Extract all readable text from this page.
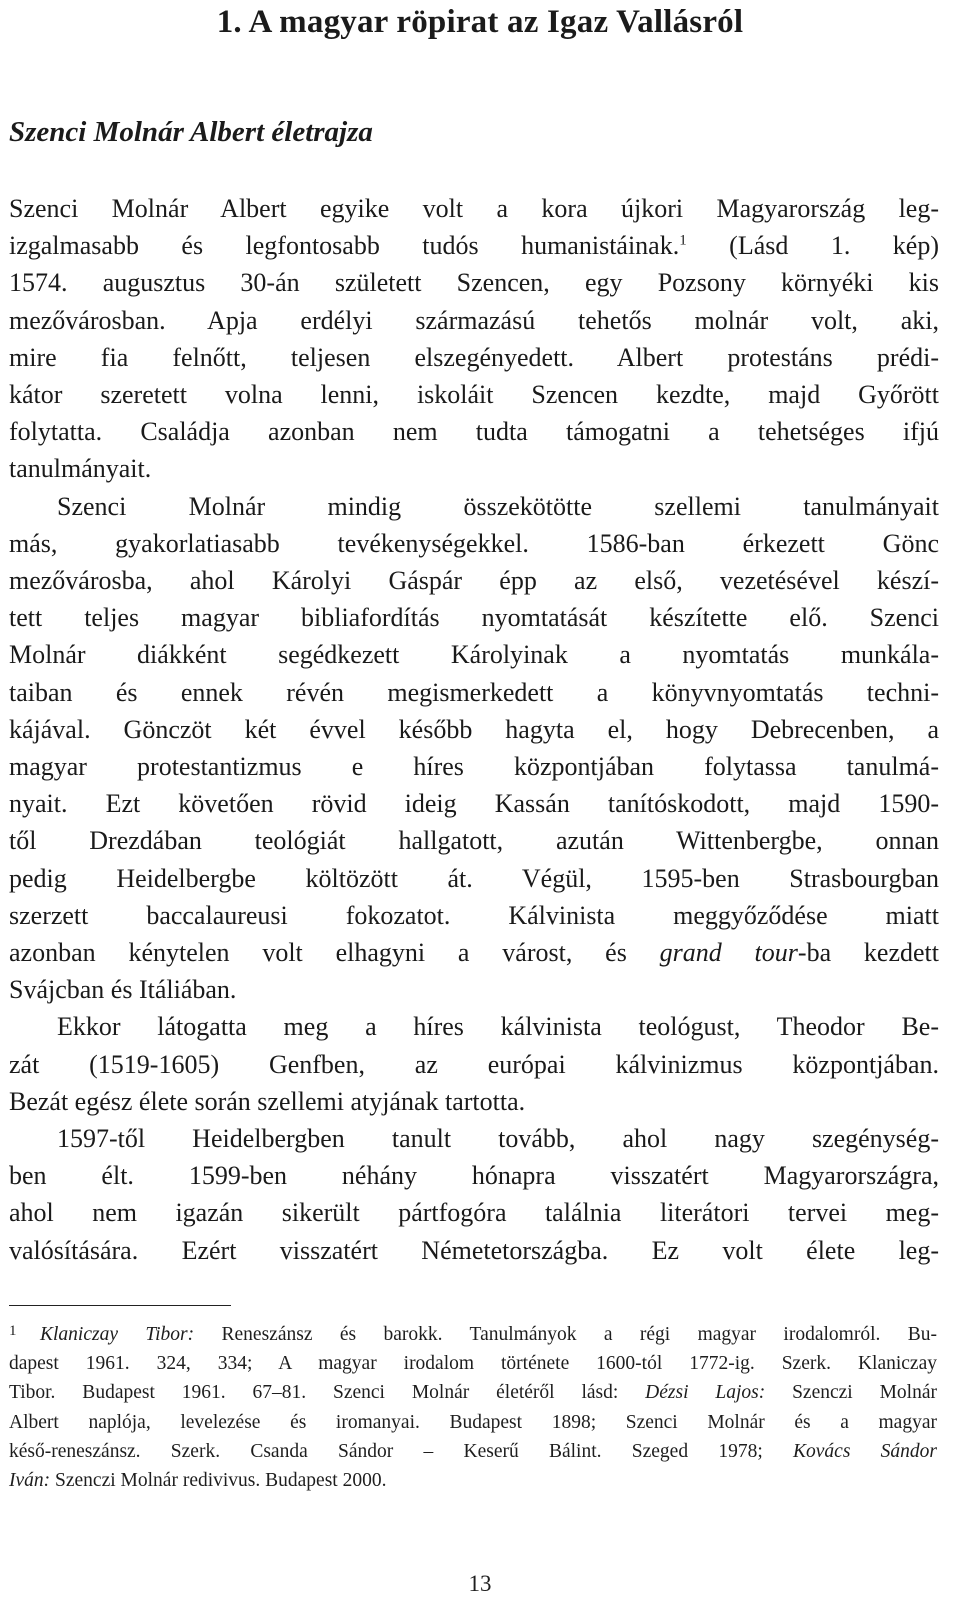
1. A magyar röpirat az Igaz Vallásról
Szenci Molnár Albert életrajza

Szenci Molnár Albert egyike volt a kora újkori Magyarország leg-
izgalmasabb és legfontosabb tudós humanistáinak.$^1$ (Lásd 1. kép)
1574. augusztus 30-án született Szencen, egy Pozsony környéki kis
mezővárosban. Apja erdélyi származású tehetős molnár volt, aki,
mire fia felnőtt, teljesen elszegényedett. Albert protestáns prédi-
kátor szeretett volna lenni, iskoláit Szencen kezdte, majd Győrött
folytatta. Családja azonban nem tudta támogatni a tehetséges ifjú
tanulmányait.

Szenci Molnár mindig összekötötte szellemi tanulmányait
más, gyakorlatiasabb tevékenységekkel. 1586-ban érkezett Gönc
mezővárosba, ahol Károlyi Gáspár épp az első, vezetésével készí-
tett teljes magyar bibliafordítás nyomtatását készítette elő. Szenci
Molnár diákként segédkezett Károlyinak a nyomtatás munkála-
taiban és ennek révén megismerkedett a könyvnyomtatás techni-
kájával. Gönczöt két évvel később hagyta el, hogy Debrecenben, a
magyar protestantizmus e híres központjában folytassa tanulmá-
nyait. Ezt követően rövid ideig Kassán tanítóskodott, majd 1590-
től Drezdában teológiát hallgatott, azután Wittenbergbe, onnan
pedig Heidelbergbe költözött át. Végül, 1595-ben Strasbourgban
szerzett baccalaureusi fokozatot. Kálvinista meggyőződése miatt
azonban kénytelen volt elhagyni a várost, és grand tour-ba kezdett
Svájcban és Itáliában.

Ekkor látogatta meg a híres kálvinista teológust, Theodor Be-
zát (1519-1605) Genfben, az európai kálvinizmus központjában.
Bezát egész élete során szellemi atyjának tartotta.

1597-től Heidelbergben tanult tovább, ahol nagy szegénység-
ben élt. 1599-ben néhány hónapra visszatért Magyarországra,
ahol nem igazán sikerült pártfogóra találnia literátori tervei meg-
valósítására. Ezért visszatért Németetországba. Ez volt élete leg-

1 Klaniczay Tibor: Reneszánsz és barokk. Tanulmányok a régi magyar irodalomról. Bu-
dapest 1961. 324, 334; A magyar irodalom története 1600-tól 1772-ig. Szerk. Klaniczay
Tibor. Budapest 1961. 67–81. Szenci Molnár életéről lásd: Dézsi Lajos: Szenczi Molnár
Albert naplója, levelezése és iromanyai. Budapest 1898; Szenci Molnár és a magyar
késő-reneszánsz. Szerk. Csanda Sándor – Keserű Bálint. Szeged 1978; Kovács Sándor
Iván: Szenczi Molnár redivivus. Budapest 2000.
13
